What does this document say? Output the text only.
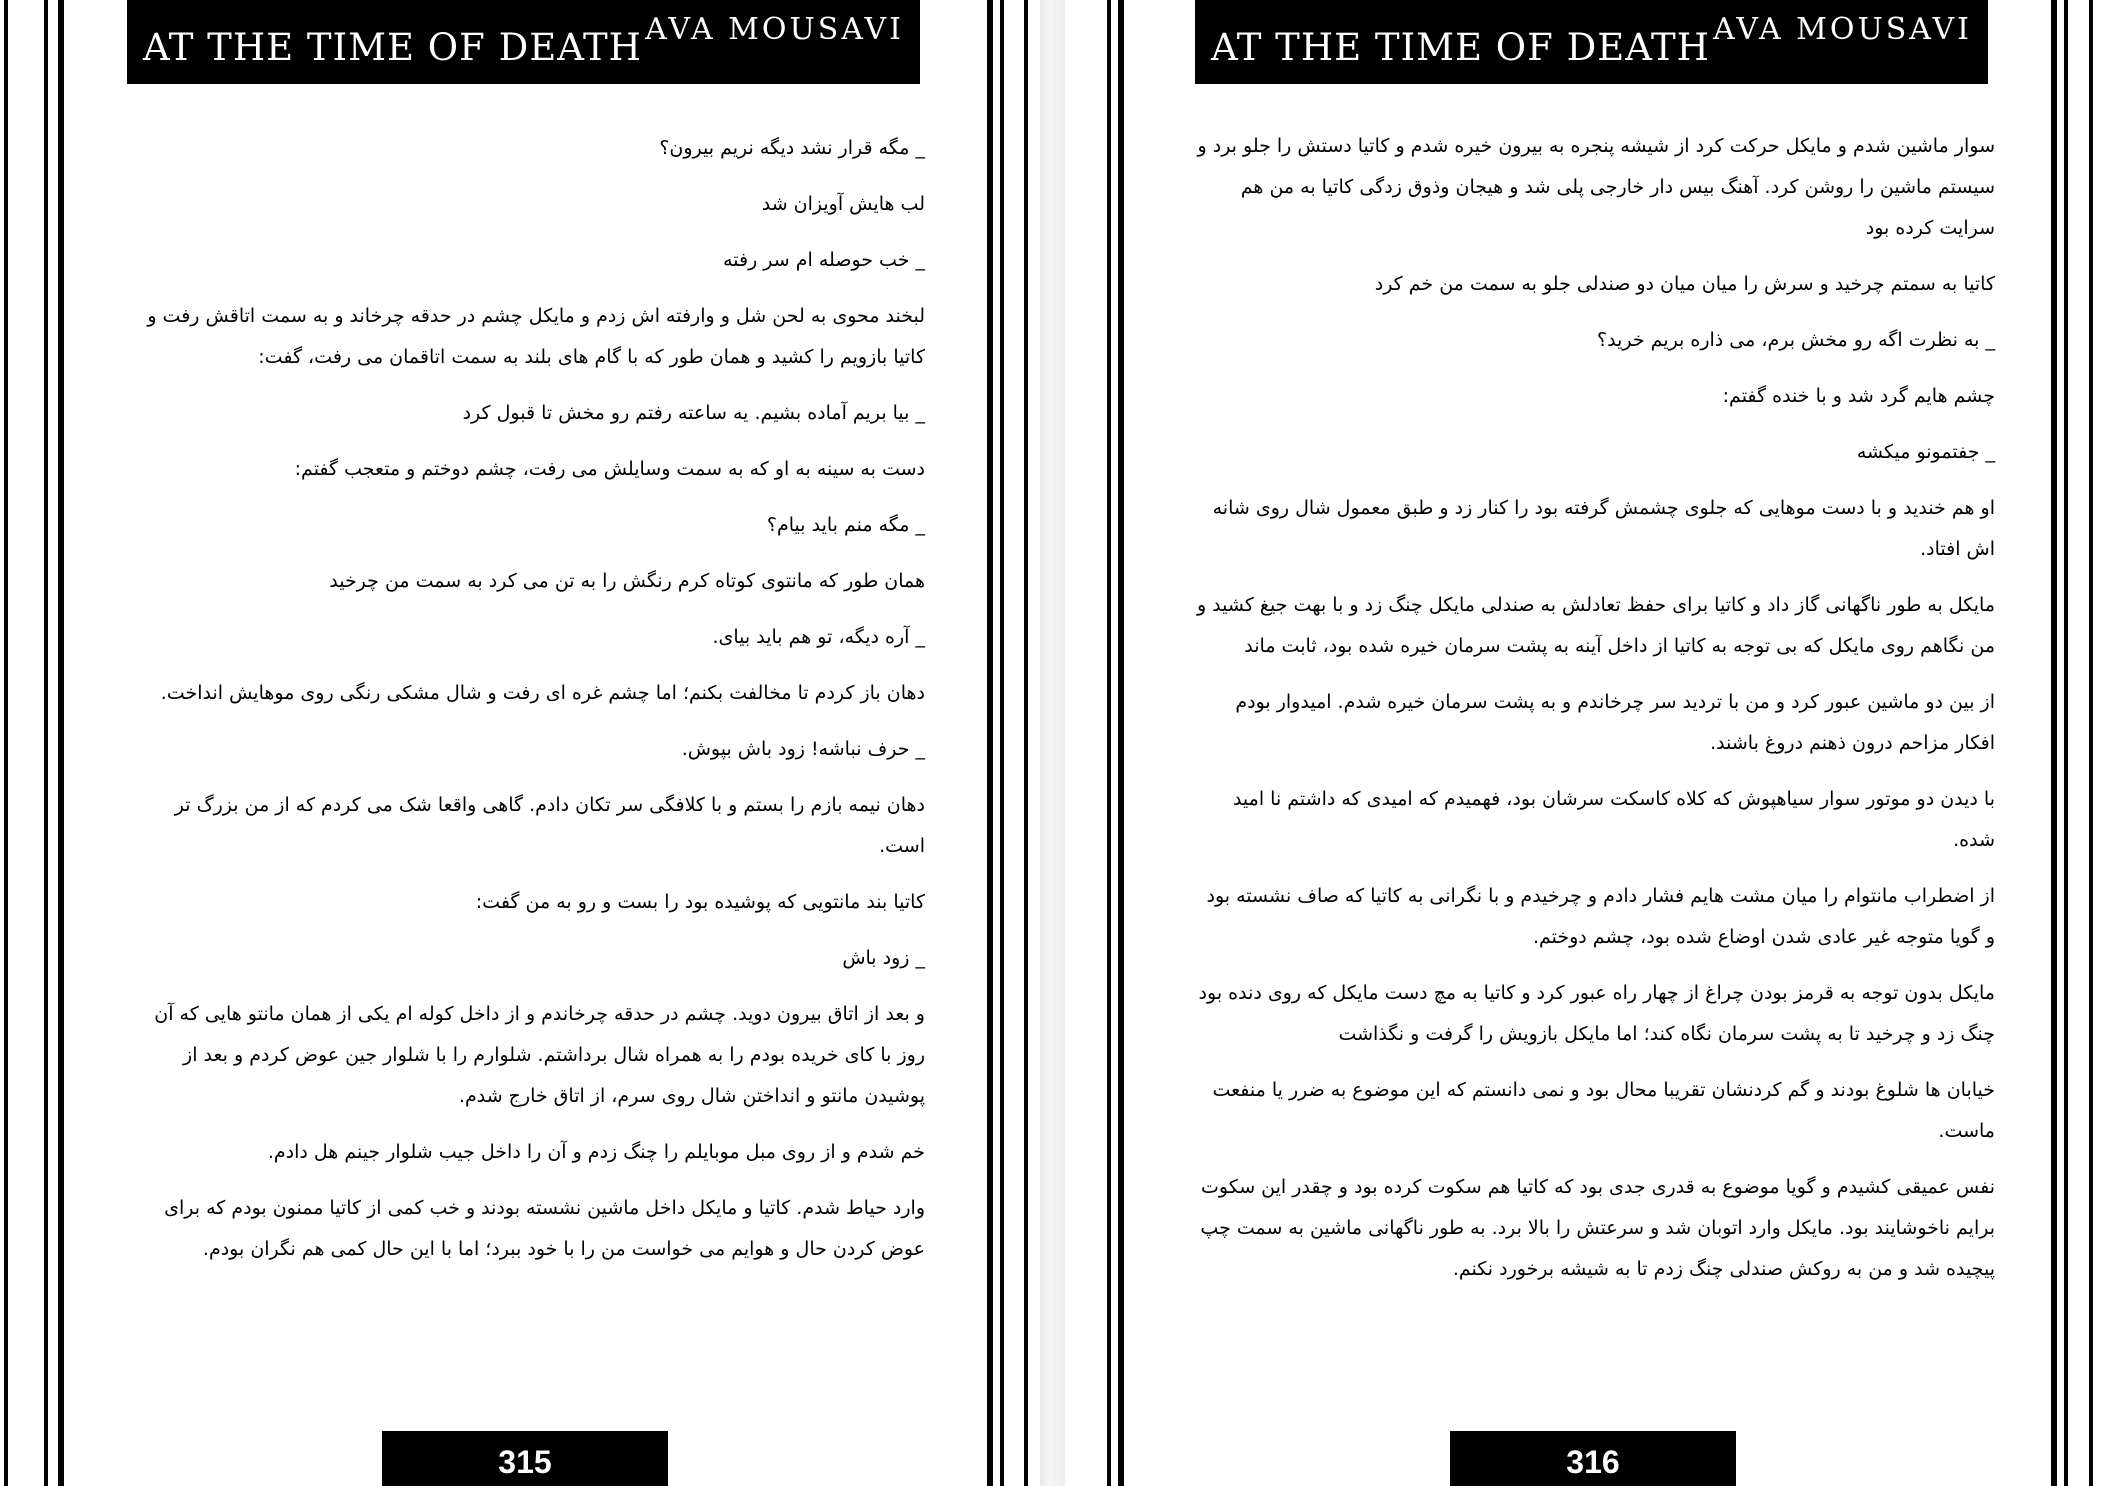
AT THE TIME OF DEATH AVA MOUSAVI

_ مگه قرار نشد دیگه نریم بیرون؟

لب هایش آویزان شد

_ خب حوصله ام سر رفته

لبخند محوی به لحن شل و وارفته اش زدم و مایکل چشم در حدقه چرخاند و به سمت اتاقش رفت و کاتیا بازویم را کشید و همان طور که با گام های بلند به سمت اتاقمان می رفت، گفت:

_ بیا بریم آماده بشیم. یه ساعته رفتم رو مخش تا قبول کرد

دست به سینه به او که به سمت وسایلش می رفت، چشم دوختم و متعجب گفتم:

_ مگه منم باید بیام؟

همان طور که مانتوی کوتاه کرم رنگش را به تن می کرد به سمت من چرخید

_ آره دیگه، تو هم باید بیای.

دهان باز کردم تا مخالفت بکنم؛ اما چشم غره ای رفت و شال مشکی رنگی روی موهایش انداخت.

_ حرف نباشه! زود باش بپوش.

دهان نیمه بازم را بستم و با کلافگی سر تکان دادم. گاهی واقعا شک می کردم که از من بزرگ تر است.

کاتیا بند مانتویی که پوشیده بود را بست و رو به من گفت:

_ زود باش

و بعد از اتاق بیرون دوید. چشم در حدقه چرخاندم و از داخل کوله ام یکی از همان مانتو هایی که آن روز با کای خریده بودم را به همراه شال برداشتم. شلوارم را با شلوار جین عوض کردم و بعد از پوشیدن مانتو و انداختن شال روی سرم، از اتاق خارج شدم.

خم شدم و از روی مبل موبایلم را چنگ زدم و آن را داخل جیب شلوار جینم هل دادم.

وارد حیاط شدم. کاتیا و مایکل داخل ماشین نشسته بودند و خب کمی از کاتیا ممنون بودم که برای عوض کردن حال و هوایم می خواست من را با خود ببرد؛ اما با این حال کمی هم نگران بودم.

315
AT THE TIME OF DEATH AVA MOUSAVI

سوار ماشین شدم و مایکل حرکت کرد از شیشه پنجره به بیرون خیره شدم و کاتیا دستش را جلو برد و سیستم ماشین را روشن کرد. آهنگ بیس دار خارجی پلی شد و هیجان وذوق زدگی کاتیا به من هم سرایت کرده بود

کاتیا به سمتم چرخید و سرش را میان میان دو صندلی جلو به سمت من خم کرد

_ به نظرت اگه رو مخش برم، می ذاره بریم خرید؟

چشم هایم گرد شد و با خنده گفتم:

_ جفتمونو میکشه

او هم خندید و با دست موهایی که جلوی چشمش گرفته بود را کنار زد و طبق معمول شال روی شانه اش افتاد.

مایکل به طور ناگهانی گاز داد و کاتیا برای حفظ تعادلش به صندلی مایکل چنگ زد و با بهت جیغ کشید و من نگاهم روی مایکل که بی توجه به کاتیا از داخل آینه به پشت سرمان خیره شده بود، ثابت ماند

از بین دو ماشین عبور کرد و من با تردید سر چرخاندم و به پشت سرمان خیره شدم. امیدوار بودم افکار مزاحم درون ذهنم دروغ باشند.

با دیدن دو موتور سوار سیاهپوش که کلاه کاسکت سرشان بود، فهمیدم که امیدی که داشتم نا امید شده.

از اضطراب مانتوام را میان مشت هایم فشار دادم و چرخیدم و با نگرانی به کاتیا که صاف نشسته بود و گویا متوجه غیر عادی شدن اوضاع شده بود، چشم دوختم.

مایکل بدون توجه به قرمز بودن چراغ از چهار راه عبور کرد و کاتیا به مچ دست مایکل که روی دنده بود چنگ زد و چرخید تا به پشت سرمان نگاه کند؛ اما مایکل بازویش را گرفت و نگذاشت

خیابان ها شلوغ بودند و گم کردنشان تقریبا محال بود و نمی دانستم که این موضوع به ضرر یا منفعت ماست.

نفس عمیقی کشیدم و گویا موضوع به قدری جدی بود که کاتیا هم سکوت کرده بود و چقدر این سکوت برایم ناخوشایند بود. مایکل وارد اتوبان شد و سرعتش را بالا برد. به طور ناگهانی ماشین به سمت چپ پیچیده شد و من به روکش صندلی چنگ زدم تا به شیشه برخورد نکنم.

316
